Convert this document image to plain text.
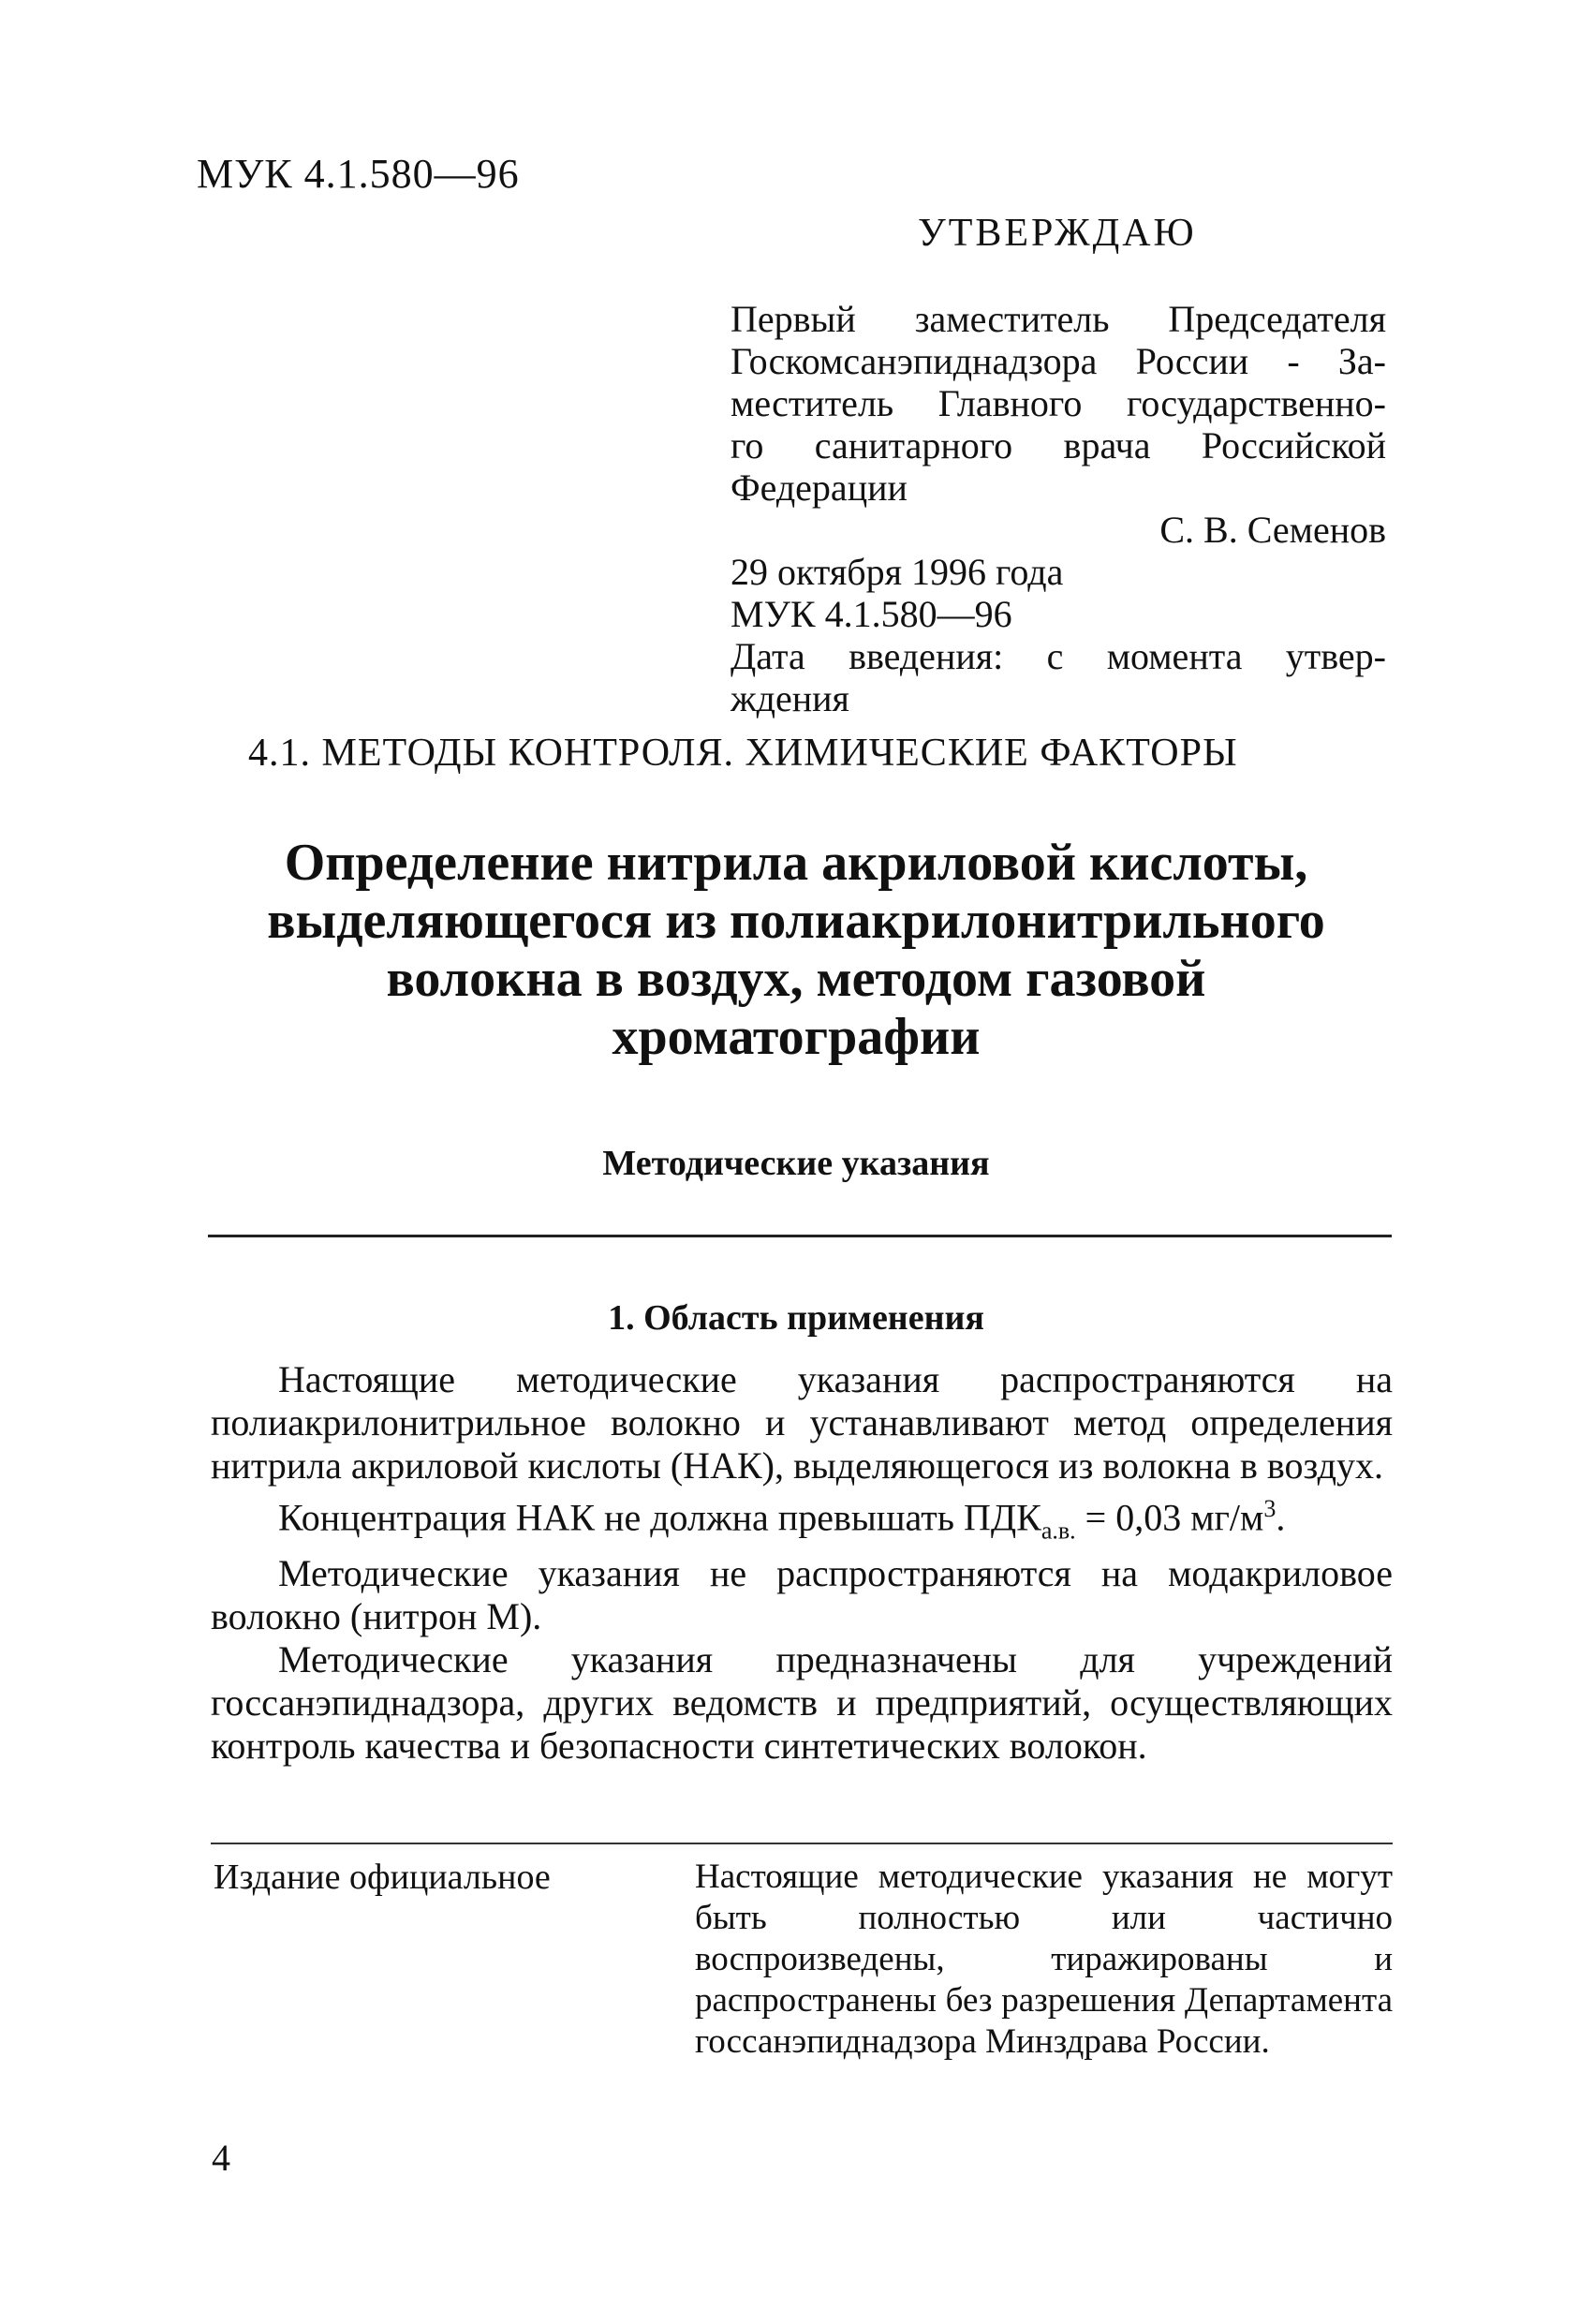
МУК 4.1.580—96
УТВЕРЖДАЮ
Первый заместитель Председателя
Госкомсанэпиднадзора России - За-
меститель Главного государственно-
го санитарного врача Российской
Федерации
С. В. Семенов
29 октября 1996 года
МУК 4.1.580—96
Дата введения: с момента утвер-
ждения
4.1. МЕТОДЫ КОНТРОЛЯ. ХИМИЧЕСКИЕ ФАКТОРЫ
Определение нитрила акриловой кислоты,
выделяющегося из полиакрилонитрильного
волокна в воздух, методом газовой
хроматографии
Методические указания
1. Область применения

Настоящие методические указания распространяются на полиакрилонитрильное волокно и устанавливают метод определения нитрила акриловой кислоты (НАК), выделяющегося из волокна в воздух.

Концентрация НАК не должна превышать $ПДК_{а.в.} = 0,03$ $мг/м^3$.

Методические указания не распространяются на модакриловое волокно (нитрон М).

Методические указания предназначены для учреждений госсанэпиднадзора, других ведомств и предприятий, осуществляющих контроль качества и безопасности синтетических волокон.

Издание официальное	Настоящие методические указания не могут быть полностью или частично воспроизведены, тиражированы и распространены без разрешения Департамента госсанэпиднадзора Минздрава России.
4
